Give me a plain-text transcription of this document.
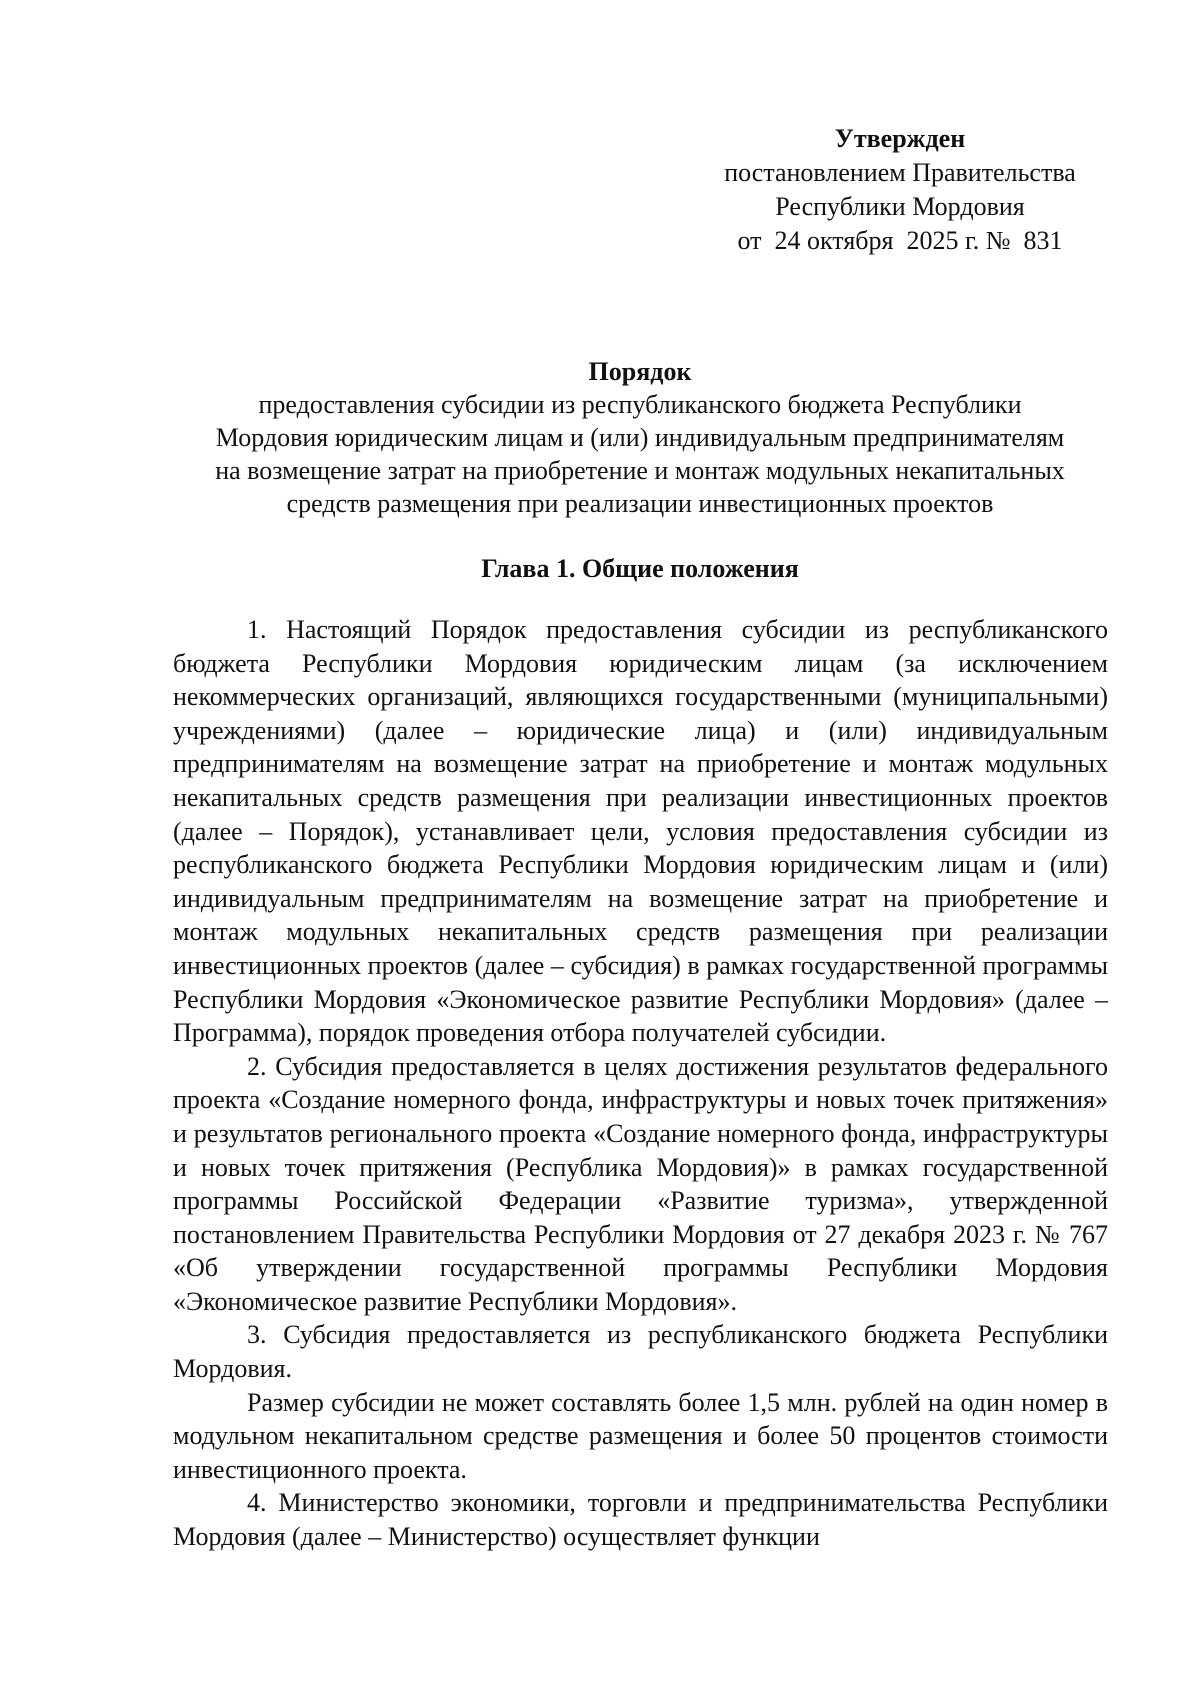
Утвержден
постановлением Правительства
Республики Мордовия
от  24 октября  2025 г. №  831
Порядок
предоставления субсидии из республиканского бюджета Республики
Мордовия юридическим лицам и (или) индивидуальным предпринимателям
на возмещение затрат на приобретение и монтаж модульных некапитальных
средств размещения при реализации инвестиционных проектов
Глава 1. Общие положения

1. Настоящий Порядок предоставления субсидии из республиканского бюджета Республики Мордовия юридическим лицам (за исключением некоммерческих организаций, являющихся государственными (муниципальными) учреждениями) (далее – юридические лица) и (или) индивидуальным предпринимателям на возмещение затрат на приобретение и монтаж модульных некапитальных средств размещения при реализации инвестиционных проектов (далее – Порядок), устанавливает цели, условия предоставления субсидии из республиканского бюджета Республики Мордовия юридическим лицам и (или) индивидуальным предпринимателям на возмещение затрат на приобретение и монтаж модульных некапитальных средств размещения при реализации инвестиционных проектов (далее – субсидия) в рамках государственной программы Республики Мордовия «Экономическое развитие Республики Мордовия» (далее – Программа), порядок проведения отбора получателей субсидии.

2. Субсидия предоставляется в целях достижения результатов федерального проекта «Создание номерного фонда, инфраструктуры и новых точек притяжения» и результатов регионального проекта «Создание номерного фонда, инфраструктуры и новых точек притяжения (Республика Мордовия)» в рамках государственной программы Российской Федерации «Развитие туризма», утвержденной постановлением Правительства Республики Мордовия от 27 декабря 2023 г. № 767 «Об утверждении государственной программы Республики Мордовия «Экономическое развитие Республики Мордовия».

3. Субсидия предоставляется из республиканского бюджета Республики Мордовия.

Размер субсидии не может составлять более 1,5 млн. рублей на один номер в модульном некапитальном средстве размещения и более 50 процентов стоимости инвестиционного проекта.

4. Министерство экономики, торговли и предпринимательства Республики Мордовия (далее – Министерство) осуществляет функции
